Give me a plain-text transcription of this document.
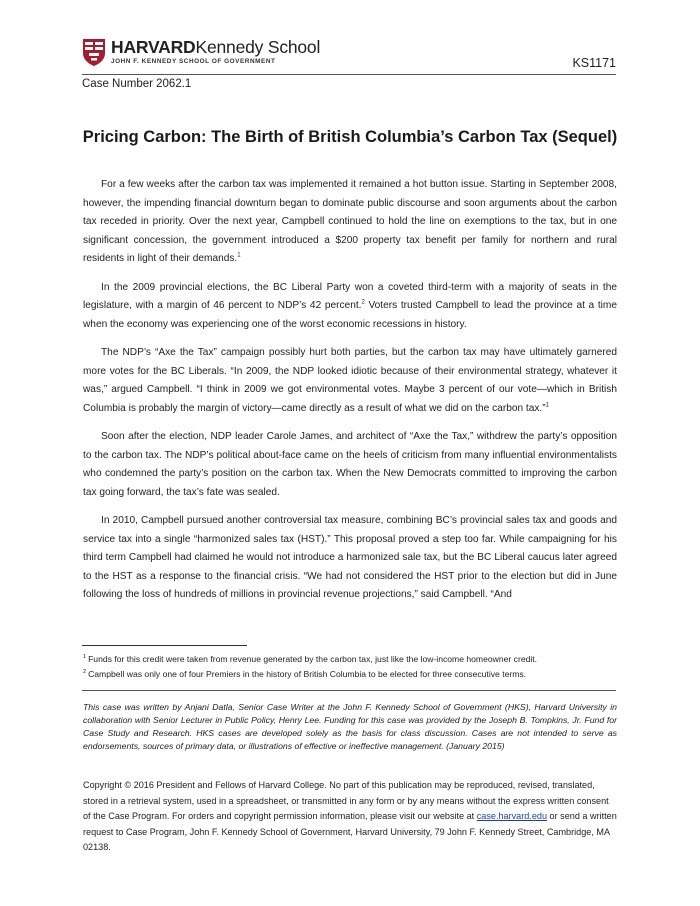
HARVARDKennedy School
JOHN F. KENNEDY SCHOOL OF GOVERNMENT	KS1171
Case Number 2062.1
Pricing Carbon: The Birth of British Columbia’s Carbon Tax (Sequel)

For a few weeks after the carbon tax was implemented it remained a hot button issue. Starting in September 2008, however, the impending financial downturn began to dominate public discourse and soon arguments about the carbon tax receded in priority. Over the next year, Campbell continued to hold the line on exemptions to the tax, but in one significant concession, the government introduced a $200 property tax benefit per family for northern and rural residents in light of their demands.$^1$

In the 2009 provincial elections, the BC Liberal Party won a coveted third-term with a majority of seats in the legislature, with a margin of 46 percent to NDP’s 42 percent.$^2$ Voters trusted Campbell to lead the province at a time when the economy was experiencing one of the worst economic recessions in history.

The NDP’s “Axe the Tax” campaign possibly hurt both parties, but the carbon tax may have ultimately garnered more votes for the BC Liberals. “In 2009, the NDP looked idiotic because of their environmental strategy, whatever it was,” argued Campbell. “I think in 2009 we got environmental votes. Maybe 3 percent of our vote—which in British Columbia is probably the margin of victory—came directly as a result of what we did on the carbon tax.”$^1$

Soon after the election, NDP leader Carole James, and architect of “Axe the Tax,” withdrew the party’s opposition to the carbon tax. The NDP’s political about-face came on the heels of criticism from many influential environmentalists who condemned the party’s position on the carbon tax. When the New Democrats committed to improving the carbon tax going forward, the tax’s fate was sealed.

In 2010, Campbell pursued another controversial tax measure, combining BC’s provincial sales tax and goods and service tax into a single “harmonized sales tax (HST).” This proposal proved a step too far. While campaigning for his third term Campbell had claimed he would not introduce a harmonized sale tax, but the BC Liberal caucus later agreed to the HST as a response to the financial crisis. “We had not considered the HST prior to the election but did in June following the loss of hundreds of millions in provincial revenue projections,” said Campbell. “And

$^1$ Funds for this credit were taken from revenue generated by the carbon tax, just like the low-income homeowner credit.
$^2$ Campbell was only one of four Premiers in the history of British Columbia to be elected for three consecutive terms.
This case was written by Anjani Datla, Senior Case Writer at the John F. Kennedy School of Government (HKS), Harvard University in collaboration with Senior Lecturer in Public Policy, Henry Lee. Funding for this case was provided by the Joseph B. Tompkins, Jr. Fund for Case Study and Research. HKS cases are developed solely as the basis for class discussion. Cases are not intended to serve as endorsements, sources of primary data, or illustrations of effective or ineffective management. (January 2015)
Copyright © 2016 President and Fellows of Harvard College. No part of this publication may be reproduced, revised, translated, stored in a retrieval system, used in a spreadsheet, or transmitted in any form or by any means without the express written consent of the Case Program. For orders and copyright permission information, please visit our website at case.harvard.edu or send a written request to Case Program, John F. Kennedy School of Government, Harvard University, 79 John F. Kennedy Street, Cambridge, MA 02138.
